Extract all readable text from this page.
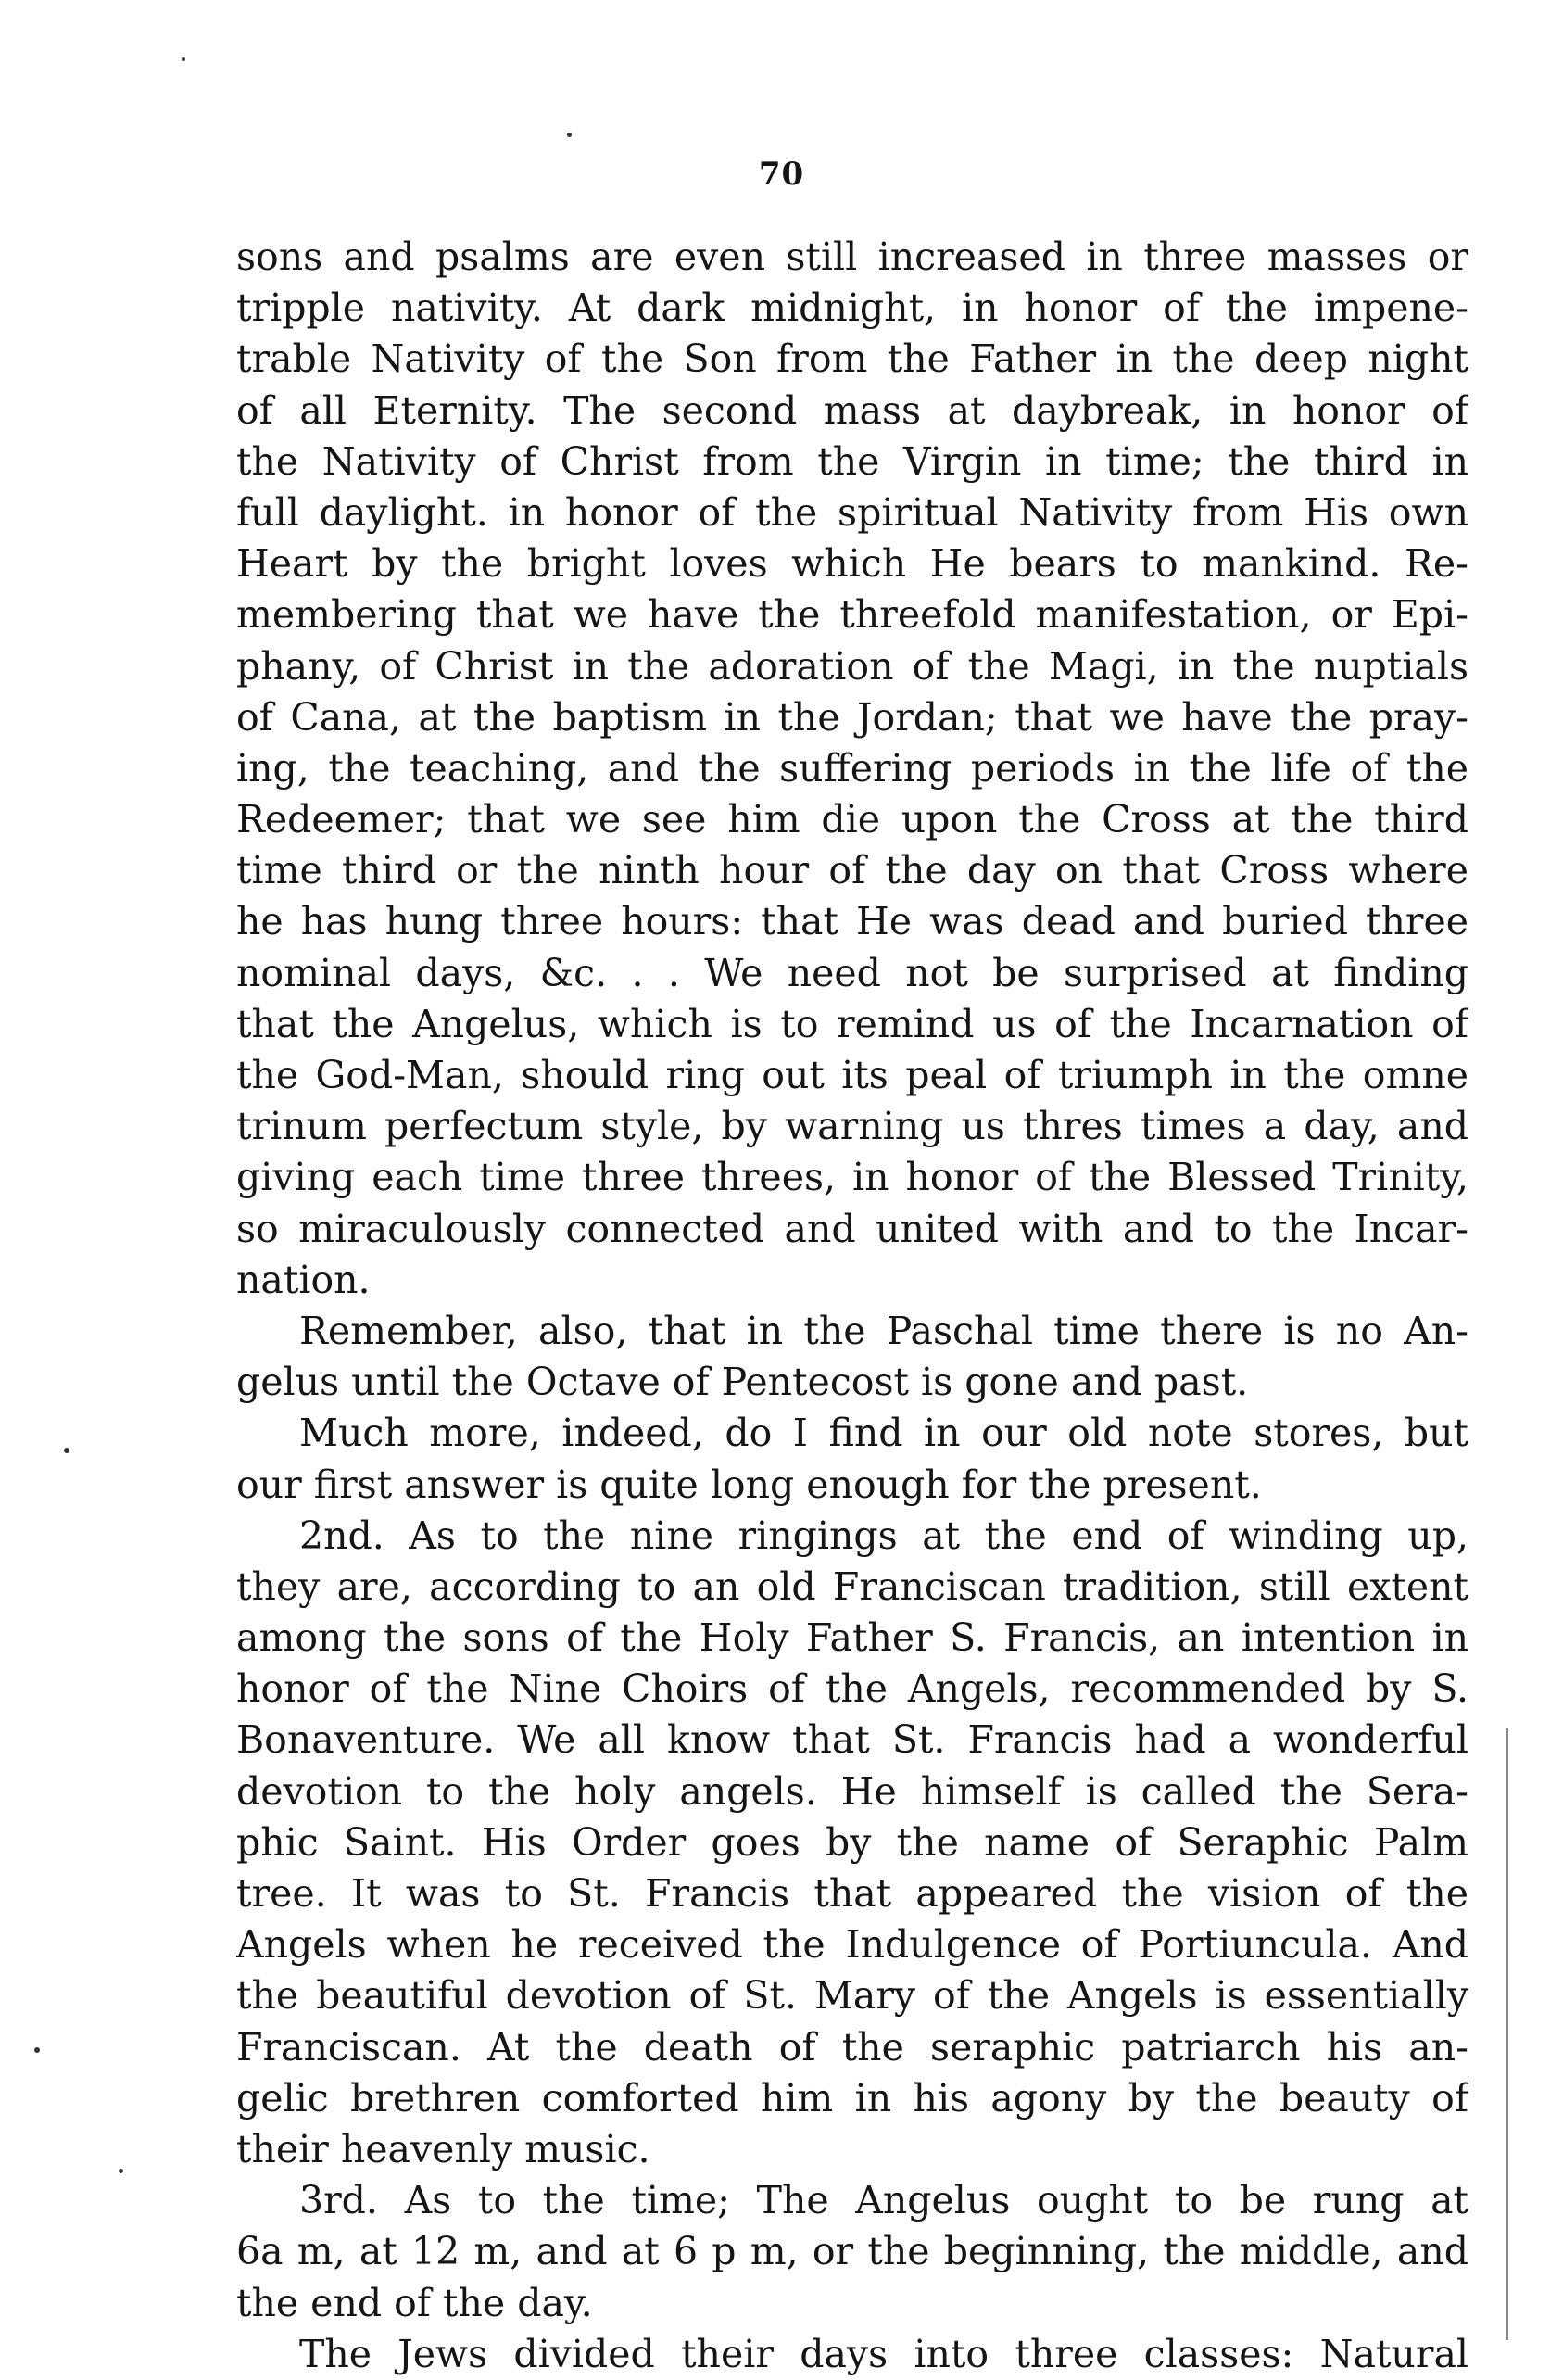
70
sons and psalms are even still increased in three masses or
tripple nativity. At dark midnight, in honor of the impene-
trable Nativity of the Son from the Father in the deep night
of all Eternity. The second mass at daybreak, in honor of
the Nativity of Christ from the Virgin in time; the third in
full daylight. in honor of the spiritual Nativity from His own
Heart by the bright loves which He bears to mankind. Re-
membering that we have the threefold manifestation, or Epi-
phany, of Christ in the adoration of the Magi, in the nuptials
of Cana, at the baptism in the Jordan; that we have the pray-
ing, the teaching, and the suffering periods in the life of the
Redeemer; that we see him die upon the Cross at the third
time third or the ninth hour of the day on that Cross where
he has hung three hours: that He was dead and buried three
nominal days, &c. . . We need not be surprised at finding
that the Angelus, which is to remind us of the Incarnation of
the God-Man, should ring out its peal of triumph in the omne
trinum perfectum style, by warning us thres times a day, and
giving each time three threes, in honor of the Blessed Trinity,
so miraculously connected and united with and to the Incar-
nation.
Remember, also, that in the Paschal time there is no An-
gelus until the Octave of Pentecost is gone and past.
Much more, indeed, do I find in our old note stores, but
our first answer is quite long enough for the present.
2nd. As to the nine ringings at the end of winding up,
they are, according to an old Franciscan tradition, still extent
among the sons of the Holy Father S. Francis, an intention in
honor of the Nine Choirs of the Angels, recommended by S.
Bonaventure. We all know that St. Francis had a wonderful
devotion to the holy angels. He himself is called the Sera-
phic Saint. His Order goes by the name of Seraphic Palm
tree. It was to St. Francis that appeared the vision of the
Angels when he received the Indulgence of Portiuncula. And
the beautiful devotion of St. Mary of the Angels is essentially
Franciscan. At the death of the seraphic patriarch his an-
gelic brethren comforted him in his agony by the beauty of
their heavenly music.
3rd. As to the time; The Angelus ought to be rung at
6a m, at 12 m, and at 6 p m, or the beginning, the middle, and
the end of the day.
The Jews divided their days into three classes: Natural
